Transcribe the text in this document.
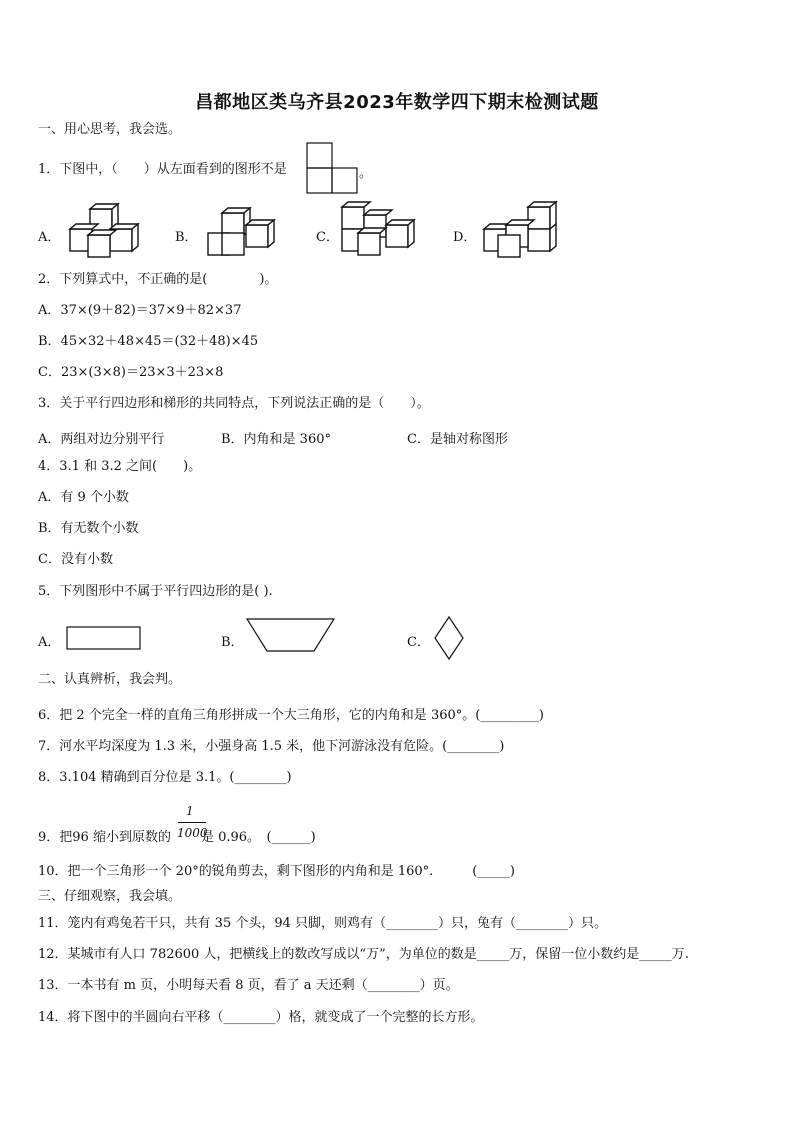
昌都地区类乌齐县2023年数学四下期末检测试题
一、用心思考，我会选。
1．下图中，（　　）从左面看到的图形不是	。
A．	B．	C．	D．
2．下列算式中，不正确的是(　　　　)。
A．37×(9＋82)＝37×9＋82×37
B．45×32＋48×45＝(32＋48)×45
C．23×(3×8)＝23×3＋23×8
3．关于平行四边形和梯形的共同特点，下列说法正确的是（　　）。
A．两组对边分别平行	B．内角和是 360°	C．是轴对称图形
4．3.1 和 3.2 之间(　　)。
A．有 9 个小数
B．有无数个小数
C．没有小数
5．下列图形中不属于平行四边形的是( ).
A．	B．	C．
二、认真辨析，我会判。
6．把 2 个完全一样的直角三角形拼成一个大三角形，它的内角和是 360°。(_________)
7．河水平均深度为 1.3 米，小强身高 1.5 米，他下河游泳没有危险。(________)
8．3.104 精确到百分位是 3.1。(________)
9．把96 缩小到原数的 是 0.96。　(______)
1
1000
10．把一个三角形一个 20°的锐角剪去，剩下图形的内角和是 160°.　　　(_____)
三、仔细观察，我会填。
11．笼内有鸡兔若干只，共有 35 个头，94 只脚，则鸡有（________）只，兔有（________）只。
12．某城市有人口 782600 人，把横线上的数改写成以“万”，为单位的数是_____万，保留一位小数约是_____万.
13．一本书有 m 页，小明每天看 8 页，看了 a 天还剩（________）页。
14．将下图中的半圆向右平移（________）格，就变成了一个完整的长方形。
